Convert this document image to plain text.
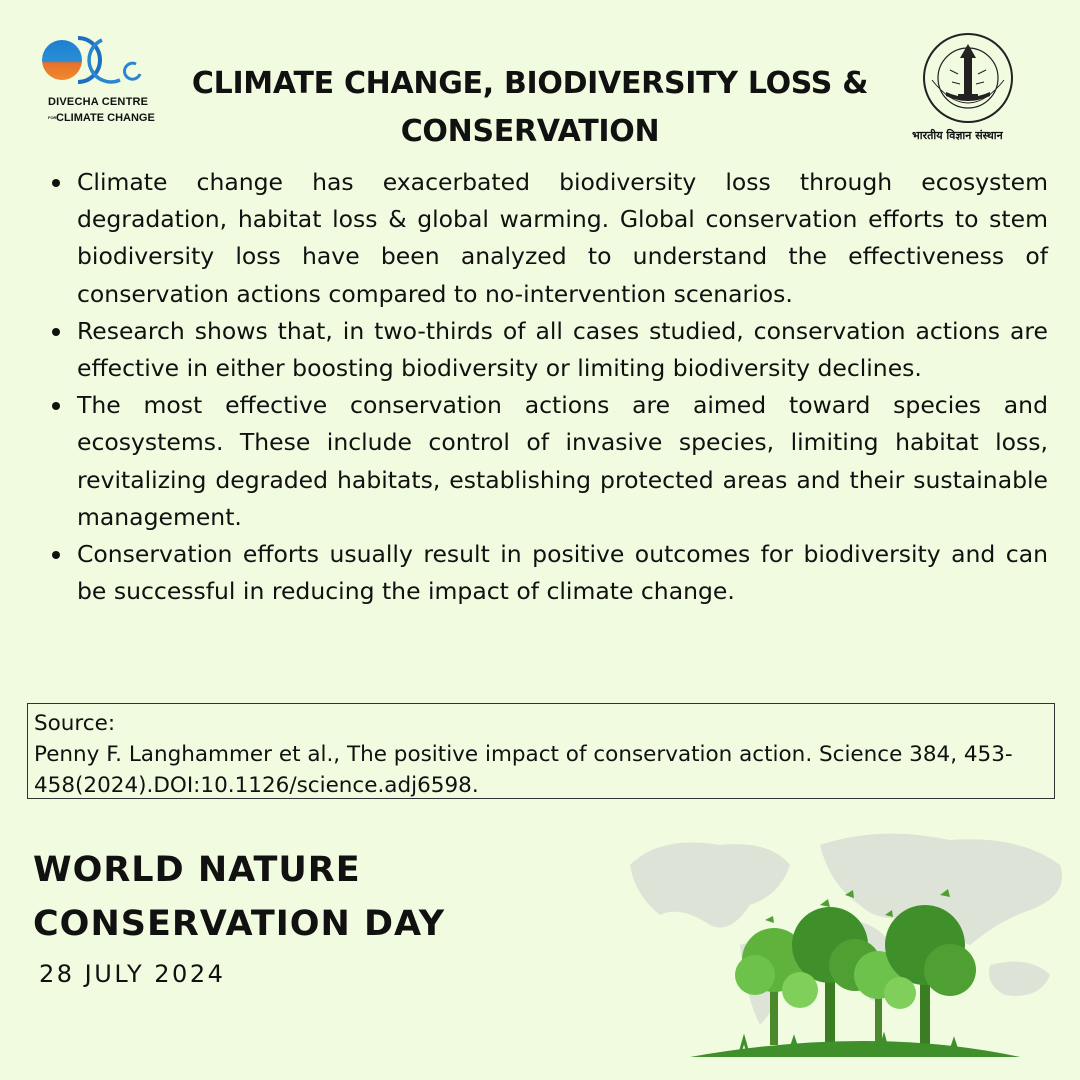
DIVECHA CENTRE
FORCLIMATE CHANGE
CLIMATE CHANGE, BIODIVERSITY LOSS & CONSERVATION	भारतीय विज्ञान संस्थान
Climate change has exacerbated biodiversity loss through ecosystem degradation, habitat loss & global warming. Global conservation efforts to stem biodiversity loss have been analyzed to understand the effectiveness of conservation actions compared to no-intervention scenarios.
Research shows that, in two-thirds of all cases studied, conservation actions are effective in either boosting biodiversity or limiting biodiversity declines.
The most effective conservation actions are aimed toward species and ecosystems. These include control of invasive species, limiting habitat loss, revitalizing degraded habitats, establishing protected areas and their sustainable management.
Conservation efforts usually result in positive outcomes for biodiversity and can be successful in reducing the impact of climate change.
Source:
Penny F. Langhammer et al., The positive impact of conservation action. Science 384, 453-458(2024).DOI:10.1126/science.adj6598.
WORLD NATURE
CONSERVATION DAY
28 JULY 2024
